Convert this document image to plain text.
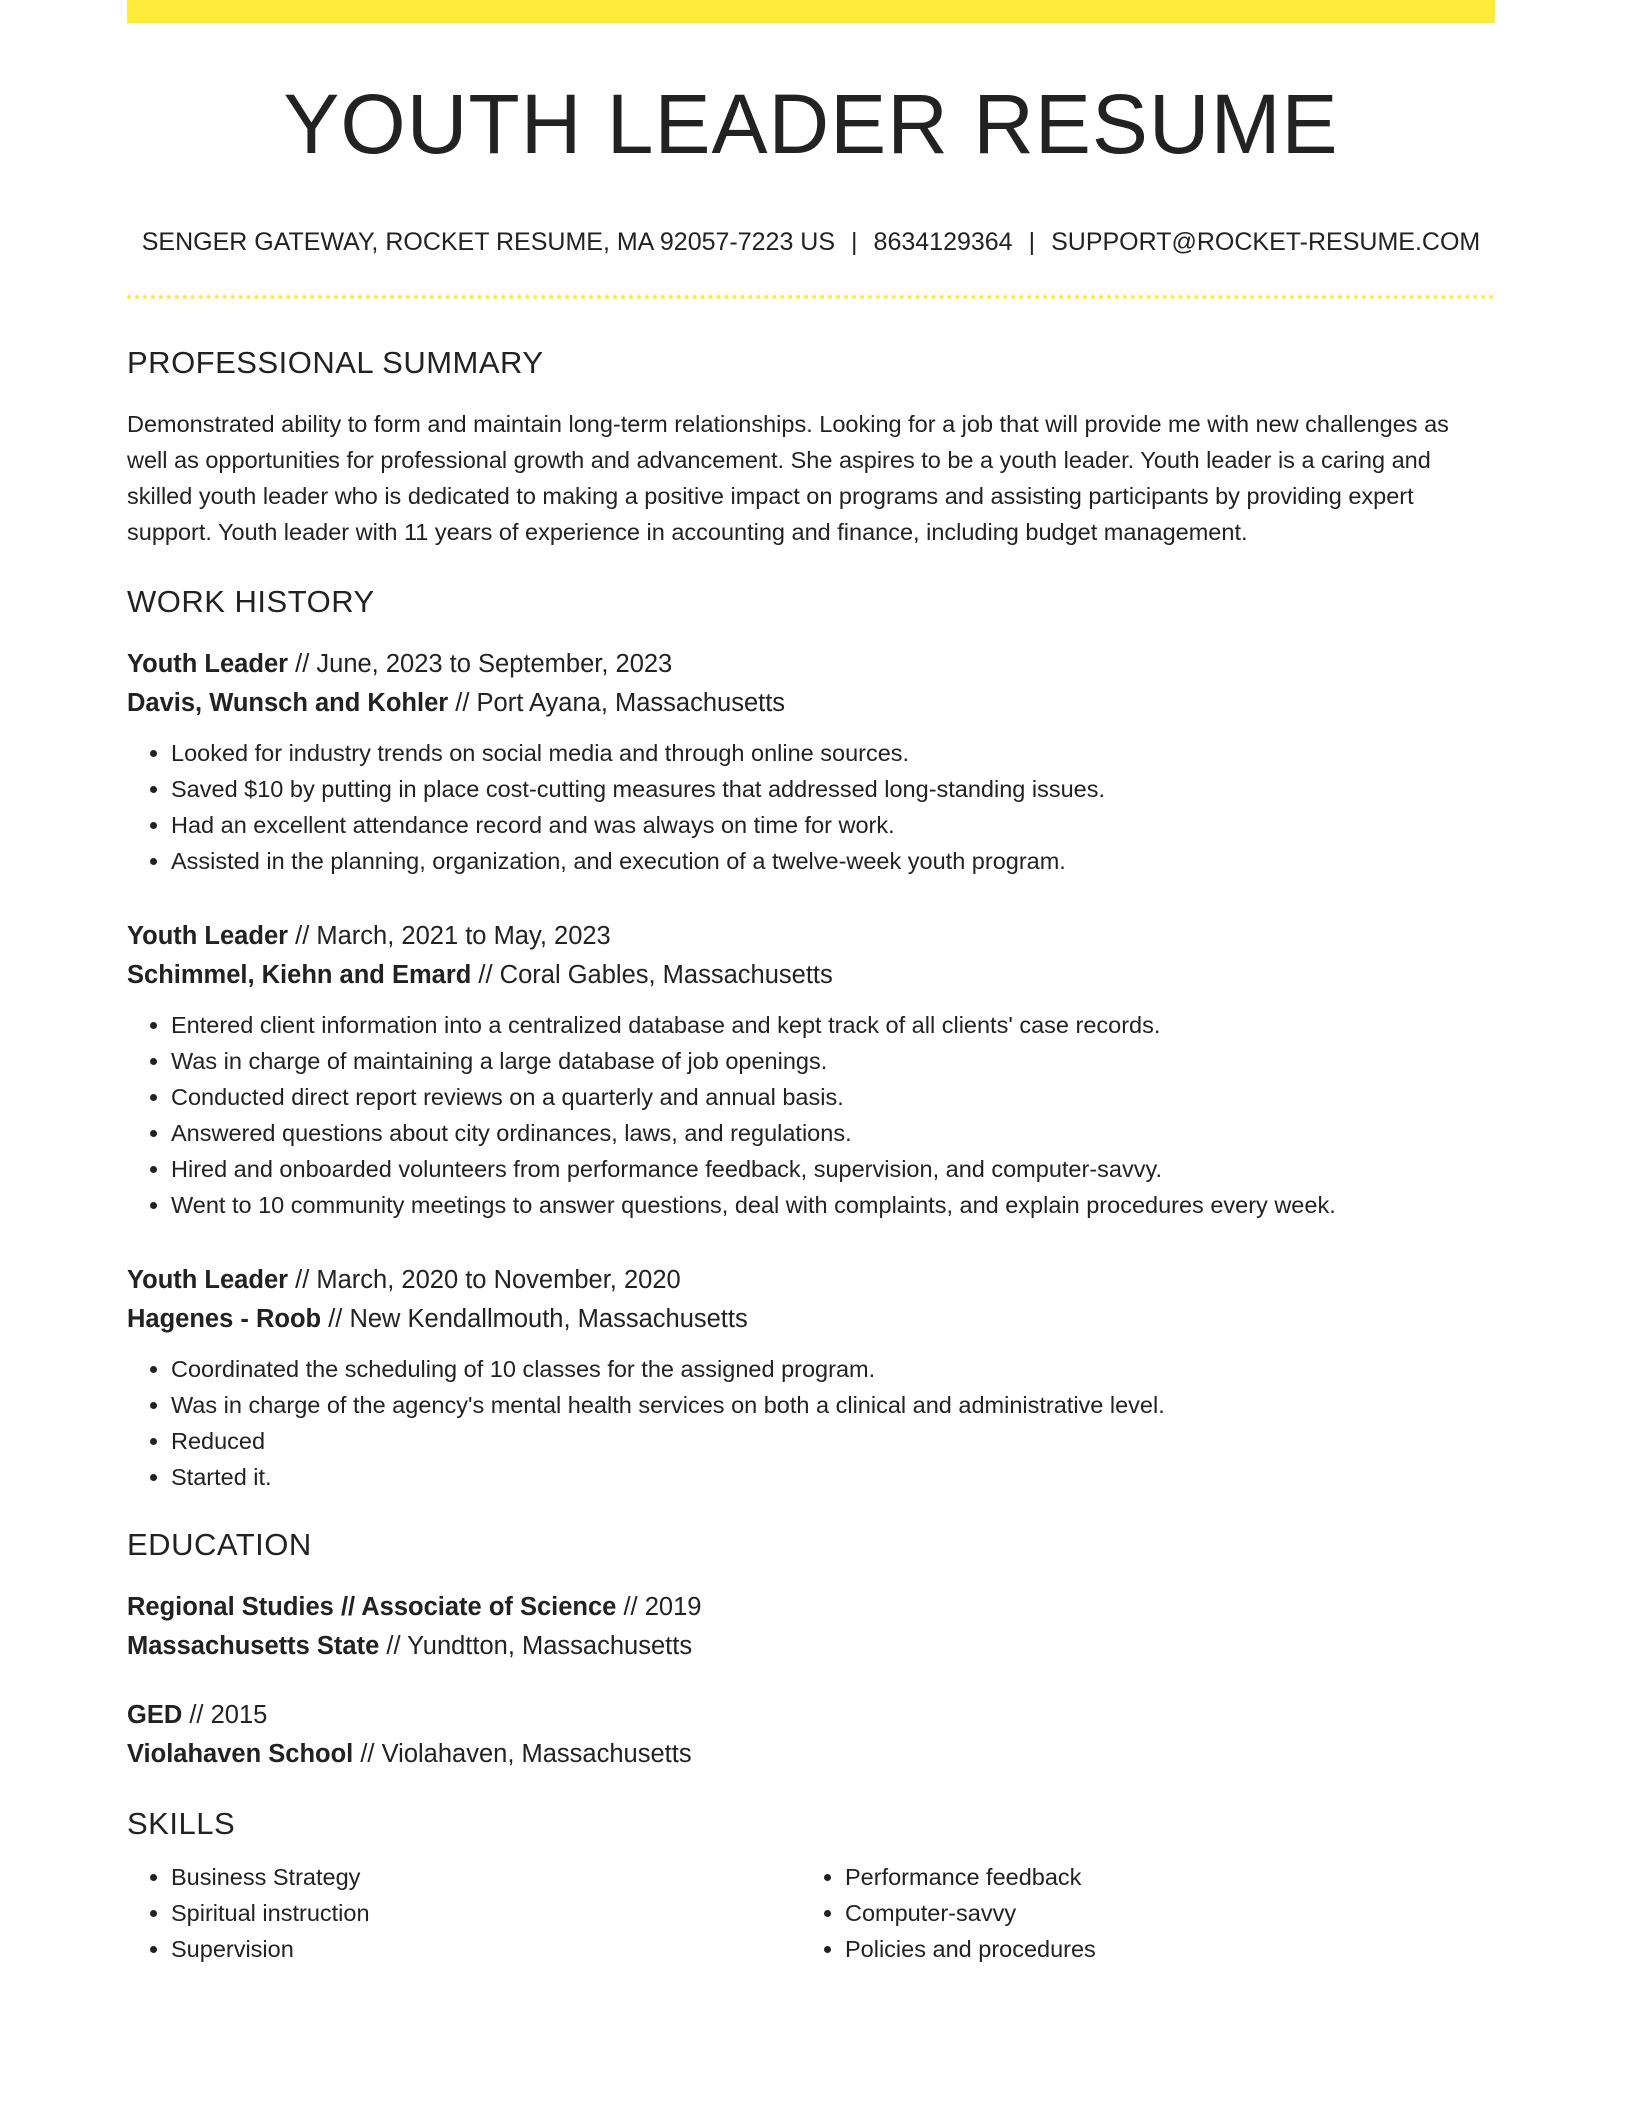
YOUTH LEADER RESUME
SENGER GATEWAY, ROCKET RESUME, MA 92057-7223 US | 8634129364 | SUPPORT@ROCKET-RESUME.COM
PROFESSIONAL SUMMARY

Demonstrated ability to form and maintain long-term relationships. Looking for a job that will provide me with new challenges as well as opportunities for professional growth and advancement. She aspires to be a youth leader. Youth leader is a caring and skilled youth leader who is dedicated to making a positive impact on programs and assisting participants by providing expert support. Youth leader with 11 years of experience in accounting and finance, including budget management.

WORK HISTORY
Youth Leader // June, 2023 to September, 2023
Davis, Wunsch and Kohler // Port Ayana, Massachusetts
• Looked for industry trends on social media and through online sources.
• Saved $10 by putting in place cost-cutting measures that addressed long-standing issues.
• Had an excellent attendance record and was always on time for work.
• Assisted in the planning, organization, and execution of a twelve-week youth program.
Youth Leader // March, 2021 to May, 2023
Schimmel, Kiehn and Emard // Coral Gables, Massachusetts
• Entered client information into a centralized database and kept track of all clients' case records.
• Was in charge of maintaining a large database of job openings.
• Conducted direct report reviews on a quarterly and annual basis.
• Answered questions about city ordinances, laws, and regulations.
• Hired and onboarded volunteers from performance feedback, supervision, and computer-savvy.
• Went to 10 community meetings to answer questions, deal with complaints, and explain procedures every week.
Youth Leader // March, 2020 to November, 2020
Hagenes - Roob // New Kendallmouth, Massachusetts
• Coordinated the scheduling of 10 classes for the assigned program.
• Was in charge of the agency's mental health services on both a clinical and administrative level.
• Reduced
• Started it.
EDUCATION
Regional Studies // Associate of Science // 2019
Massachusetts State // Yundtton, Massachusetts
GED // 2015
Violahaven School // Violahaven, Massachusetts
SKILLS
• Business Strategy
• Spiritual instruction
• Supervision
• Performance feedback
• Computer-savvy
• Policies and procedures
